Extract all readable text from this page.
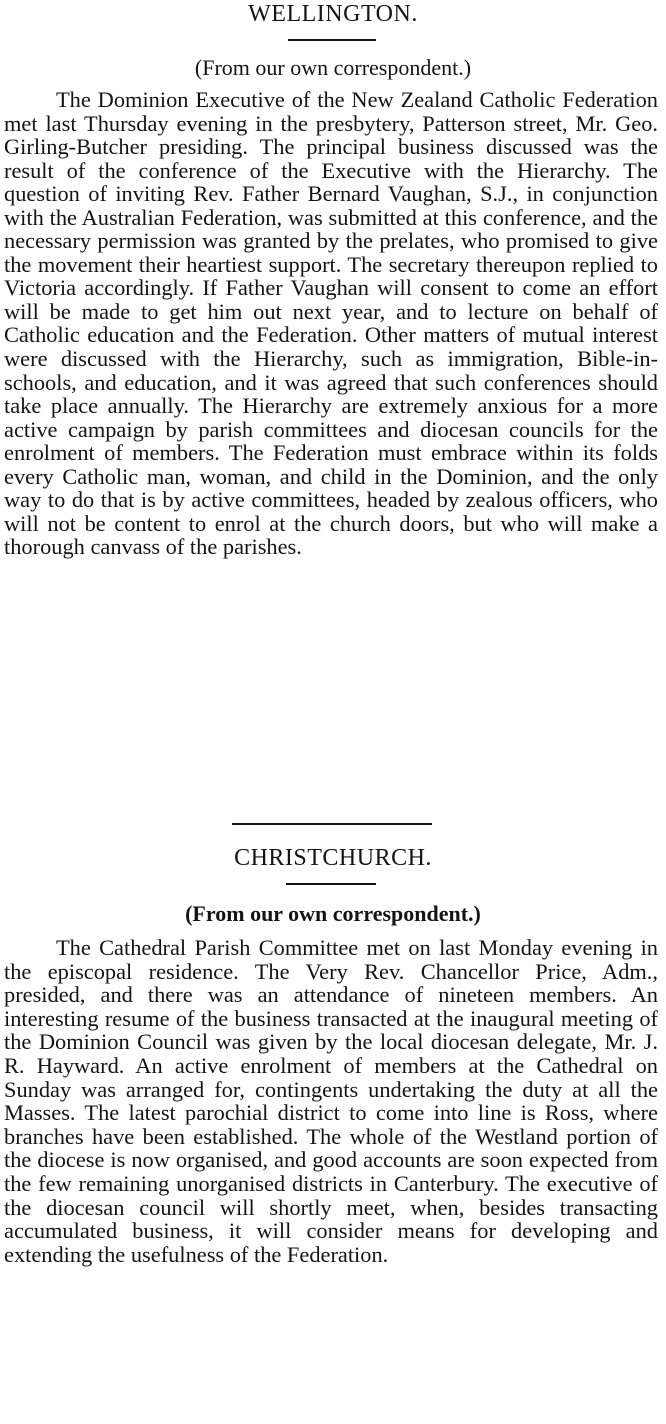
WELLINGTON.
(From our own correspondent.)
The Dominion Executive of the New Zealand Catholic Federation met last Thursday evening in the presbytery, Patterson street, Mr. Geo. Girling-Butcher presiding. The principal business discussed was the result of the conference of the Executive with the Hierarchy. The question of inviting Rev. Father Bernard Vaughan, S.J., in conjunction with the Australian Federation, was submitted at this conference, and the necessary permission was granted by the prelates, who promised to give the movement their heartiest support. The secretary thereupon replied to Victoria accordingly. If Father Vaughan will consent to come an effort will be made to get him out next year, and to lecture on behalf of Catholic education and the Federation. Other matters of mutual interest were discussed with the Hierarchy, such as immigration, Bible-in-schools, and education, and it was agreed that such conferences should take place annually. The Hierarchy are extremely anxious for a more active campaign by parish committees and diocesan councils for the enrolment of members. The Federation must embrace within its folds every Catholic man, woman, and child in the Dominion, and the only way to do that is by active committees, headed by zealous officers, who will not be content to enrol at the church doors, but who will make a thorough canvass of the parishes.
CHRISTCHURCH.
(From our own correspondent.)
The Cathedral Parish Committee met on last Monday evening in the episcopal residence. The Very Rev. Chancellor Price, Adm., presided, and there was an attendance of nineteen members. An interesting resume of the business transacted at the inaugural meeting of the Dominion Council was given by the local diocesan delegate, Mr. J. R. Hayward. An active enrolment of members at the Cathedral on Sunday was arranged for, contingents undertaking the duty at all the Masses. The latest parochial district to come into line is Ross, where branches have been established. The whole of the Westland portion of the diocese is now organised, and good accounts are soon expected from the few remaining unorganised districts in Canterbury. The executive of the diocesan council will shortly meet, when, besides transacting accumulated business, it will consider means for developing and extending the usefulness of the Federation.
